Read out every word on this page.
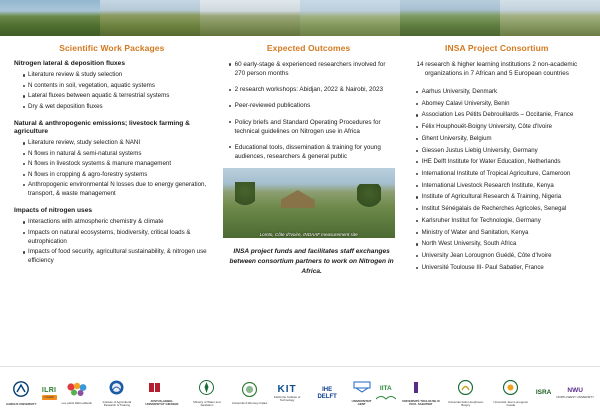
Scientific Work Packages
Nitrogen lateral & deposition fluxes
Literature review & study selection
N contents in soil, vegetation, aquatic systems
Lateral fluxes between aquatic & terrestrial systems
Dry & wet deposition fluxes
Natural & anthropogenic emissions; livestock farming & agriculture
Literature review, study selection & NANI
N flows in natural & semi-natural systems
N flows in livestock systems & manure management
N flows in cropping & agro-forestry systems
Anthropogenic environmental N losses due to energy generation, transport, & waste management
Impacts of nitrogen uses
Interactions with atmospheric chemistry & climate
Impacts on natural ecosystems, biodiversity, critical loads & eutrophication
Impacts of food security, agricultural sustainability, & nitrogen use efficiency
Expected Outcomes
60 early-stage & experienced researchers involved for 270 person months
2 research workshops: Abidjan, 2022 & Nairobi, 2023
Peer-reviewed publications
Policy briefs and Standard Operating Procedures for technical guidelines on Nitrogen use in Africa
Educational tools, dissemination & training for young audiences, researchers & general public
Lomto, Côte d'Ivoire, INDAAF measurement site
INSA project funds and facilitates staff exchanges between consortium partners to work on Nitrogen in Africa.
INSA Project Consortium
14 research & higher learning institutions 2 non-academic organizations in 7 African and 5 European countries
Aarhus University, Denmark
Abomey Calavi University, Benin
Association Les Pétits Debrouillards – Occitanie, France
Félix Houphouët-Boigny University, Côte d'Ivoire
Ghent University, Belgium
Giessen Justus Liebig University, Germany
IHE Delft Institute for Water Education, Netherlands
International Institute of Tropical Agriculture, Cameroon
International Livestock Research Institute, Kenya
Institute of Agricultural Research & Training, Nigeria
Institut Sénégalais de Recherches Agricoles, Senegal
Karlsruher Institut for Technologie, Germany
Ministry of Water and Sanitation, Kenya
North West University, South Africa
University Jean Lorougnon Guédé, Côte d'Ivoire
Université Toulouse III- Paul Sabatier, France
AARHUS UNIVERSITY
ILRI
CGIAR
Les pétits Débrouillards	Institute of Agricultural Research & Training
JUSTUS-LIEBIG-UNIVERSITÄT GIESSEN
Ministry of Water and Sanitation	Université d'Abomey-Calavi
KIT
Karlsruhe Institute of Technology
IHE DELFT
UNIVERSITEIT GENT
IITA
UNIVERSITÉ TOULOUSE III PAUL SABATIER
Université Félix Houphouët-Boigny
Université Jean Lorougnon Guédé
ISRA NWU
NORTH-WEST UNIVERSITY
